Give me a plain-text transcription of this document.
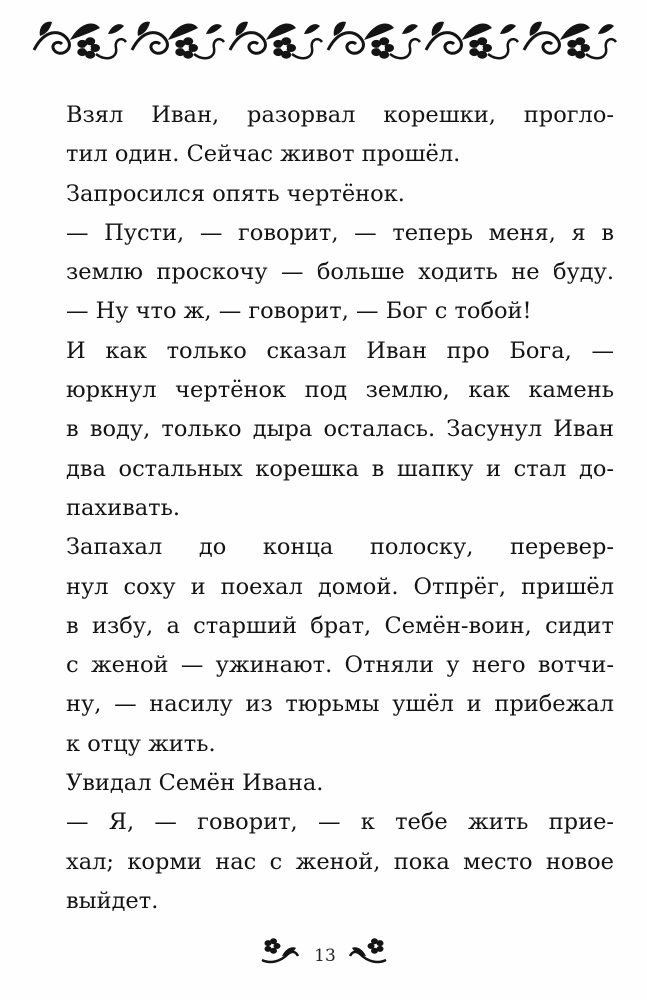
Взял Иван, разорвал корешки, прогло-
тил один. Сейчас живот прошёл.
Запросился опять чертёнок.
— Пусти, — говорит, — теперь меня, я в
землю проскочу — больше ходить не буду.
— Ну что ж, — говорит, — Бог с тобой!
И как только сказал Иван про Бога, —
юркнул чертёнок под землю, как камень
в воду, только дыра осталась. Засунул Иван
два остальных корешка в шапку и стал до-
пахивать.
Запахал до конца полоску, перевер-
нул соху и поехал домой. Отпрёг, пришёл
в избу, а старший брат, Семён-воин, сидит
с женой — ужинают. Отняли у него вотчи-
ну, — насилу из тюрьмы ушёл и прибежал
к отцу жить.
Увидал Семён Ивана.
— Я, — говорит, — к тебе жить прие-
хал; корми нас с женой, пока место новое
выйдет.
13
